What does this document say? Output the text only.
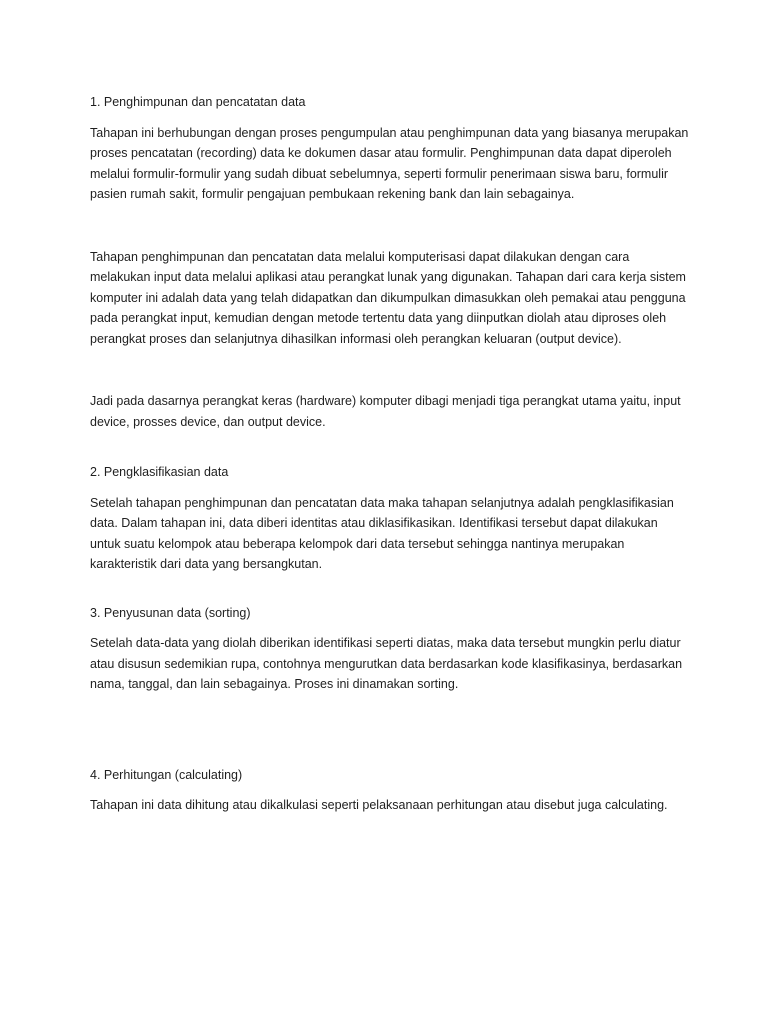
1. Penghimpunan dan pencatatan data

Tahapan ini berhubungan dengan proses pengumpulan atau penghimpunan data yang biasanya merupakan proses pencatatan (recording) data ke dokumen dasar atau formulir. Penghimpunan data dapat diperoleh melalui formulir-formulir yang sudah dibuat sebelumnya, seperti formulir penerimaan siswa baru, formulir pasien rumah sakit, formulir pengajuan pembukaan rekening bank dan lain sebagainya.

Tahapan penghimpunan dan pencatatan data melalui komputerisasi dapat dilakukan dengan cara melakukan input data melalui aplikasi atau perangkat lunak yang digunakan. Tahapan dari cara kerja sistem komputer ini adalah data yang telah didapatkan dan dikumpulkan dimasukkan oleh pemakai atau pengguna pada perangkat input, kemudian dengan metode tertentu data yang diinputkan diolah atau diproses oleh perangkat proses dan selanjutnya dihasilkan informasi oleh perangkan keluaran (output device).

Jadi pada dasarnya perangkat keras (hardware) komputer dibagi menjadi tiga perangkat utama yaitu, input device, prosses device, dan output device.

2. Pengklasifikasian data

Setelah tahapan penghimpunan dan pencatatan data maka tahapan selanjutnya adalah pengklasifikasian data. Dalam tahapan ini, data diberi identitas atau diklasifikasikan. Identifikasi tersebut dapat dilakukan untuk suatu kelompok atau beberapa kelompok dari data tersebut sehingga nantinya merupakan karakteristik dari data yang bersangkutan.

3. Penyusunan data (sorting)

Setelah data-data yang diolah diberikan identifikasi seperti diatas, maka data tersebut mungkin perlu diatur atau disusun sedemikian rupa, contohnya mengurutkan data berdasarkan kode klasifikasinya, berdasarkan nama, tanggal, dan lain sebagainya. Proses ini dinamakan sorting.

4. Perhitungan (calculating)

Tahapan ini data dihitung atau dikalkulasi seperti pelaksanaan perhitungan atau disebut juga calculating.
